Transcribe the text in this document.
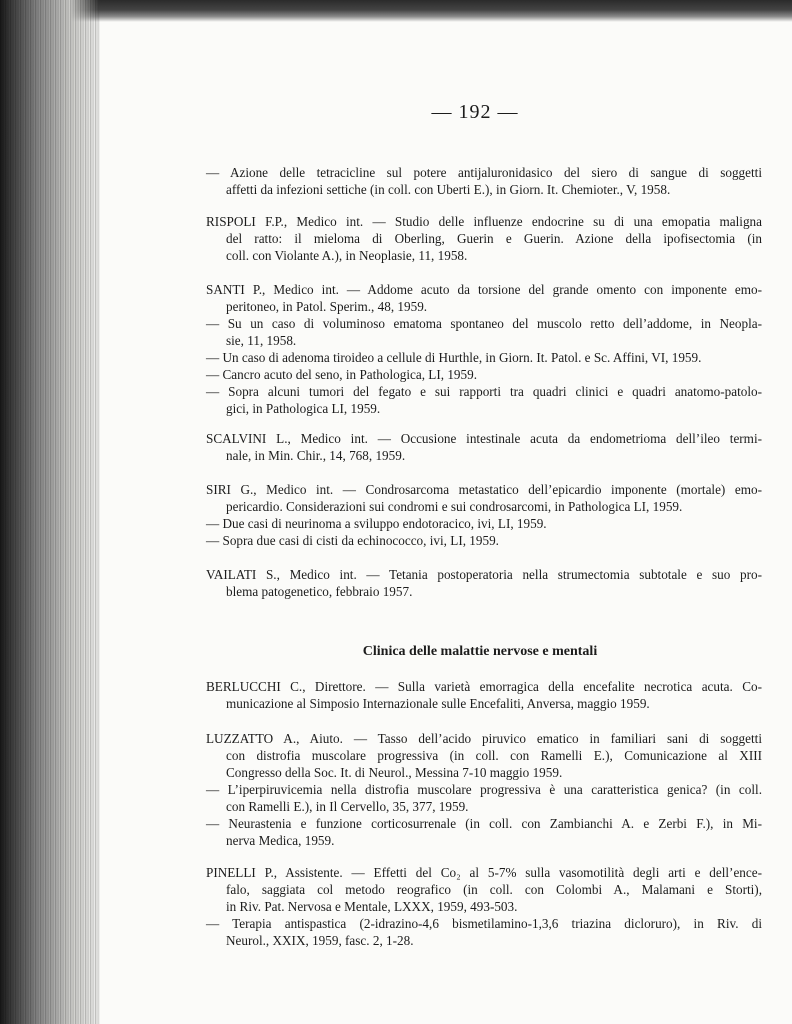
— 192 —
— Azione delle tetracicline sul potere antijaluronidasico del siero di sangue di soggetti
affetti da infezioni settiche (in coll. con Uberti E.), in Giorn. It. Chemioter., V, 1958.
RISPOLI F.P., Medico int. — Studio delle influenze endocrine su di una emopatia maligna
del ratto: il mieloma di Oberling, Guerin e Guerin. Azione della ipofisectomia (in
coll. con Violante A.), in Neoplasie, 11, 1958.
SANTI P., Medico int. — Addome acuto da torsione del grande omento con imponente emo-
peritoneo, in Patol. Sperim., 48, 1959.
— Su un caso di voluminoso ematoma spontaneo del muscolo retto dell’addome, in Neopla-
sie, 11, 1958.
— Un caso di adenoma tiroideo a cellule di Hurthle, in Giorn. It. Patol. e Sc. Affini, VI, 1959.
— Cancro acuto del seno, in Pathologica, LI, 1959.
— Sopra alcuni tumori del fegato e sui rapporti tra quadri clinici e quadri anatomo-patolo-
gici, in Pathologica LI, 1959.
SCALVINI L., Medico int. — Occusione intestinale acuta da endometrioma dell’ileo termi-
nale, in Min. Chir., 14, 768, 1959.
SIRI G., Medico int. — Condrosarcoma metastatico dell’epicardio imponente (mortale) emo-
pericardio. Considerazioni sui condromi e sui condrosarcomi, in Pathologica LI, 1959.
— Due casi di neurinoma a sviluppo endotoracico, ivi, LI, 1959.
— Sopra due casi di cisti da echinococco, ivi, LI, 1959.
VAILATI S., Medico int. — Tetania postoperatoria nella strumectomia subtotale e suo pro-
blema patogenetico, febbraio 1957.
Clinica delle malattie nervose e mentali
BERLUCCHI C., Direttore. — Sulla varietà emorragica della encefalite necrotica acuta. Co-
municazione al Simposio Internazionale sulle Encefaliti, Anversa, maggio 1959.
LUZZATTO A., Aiuto. — Tasso dell’acido piruvico ematico in familiari sani di soggetti
con distrofia muscolare progressiva (in coll. con Ramelli E.), Comunicazione al XIII
Congresso della Soc. It. di Neurol., Messina 7-10 maggio 1959.
— L’iperpiruvicemia nella distrofia muscolare progressiva è una caratteristica genica? (in coll.
con Ramelli E.), in Il Cervello, 35, 377, 1959.
— Neurastenia e funzione corticosurrenale (in coll. con Zambianchi A. e Zerbi F.), in Mi-
nerva Medica, 1959.
PINELLI P., Assistente. — Effetti del Co₂ al 5-7% sulla vasomotilità degli arti e dell’ence-
falo, saggiata col metodo reografico (in coll. con Colombi A., Malamani e Storti),
in Riv. Pat. Nervosa e Mentale, LXXX, 1959, 493-503.
— Terapia antispastica (2-idrazino-4,6 bismetilamino-1,3,6 triazina dicloruro), in Riv. di
Neurol., XXIX, 1959, fasc. 2, 1-28.
